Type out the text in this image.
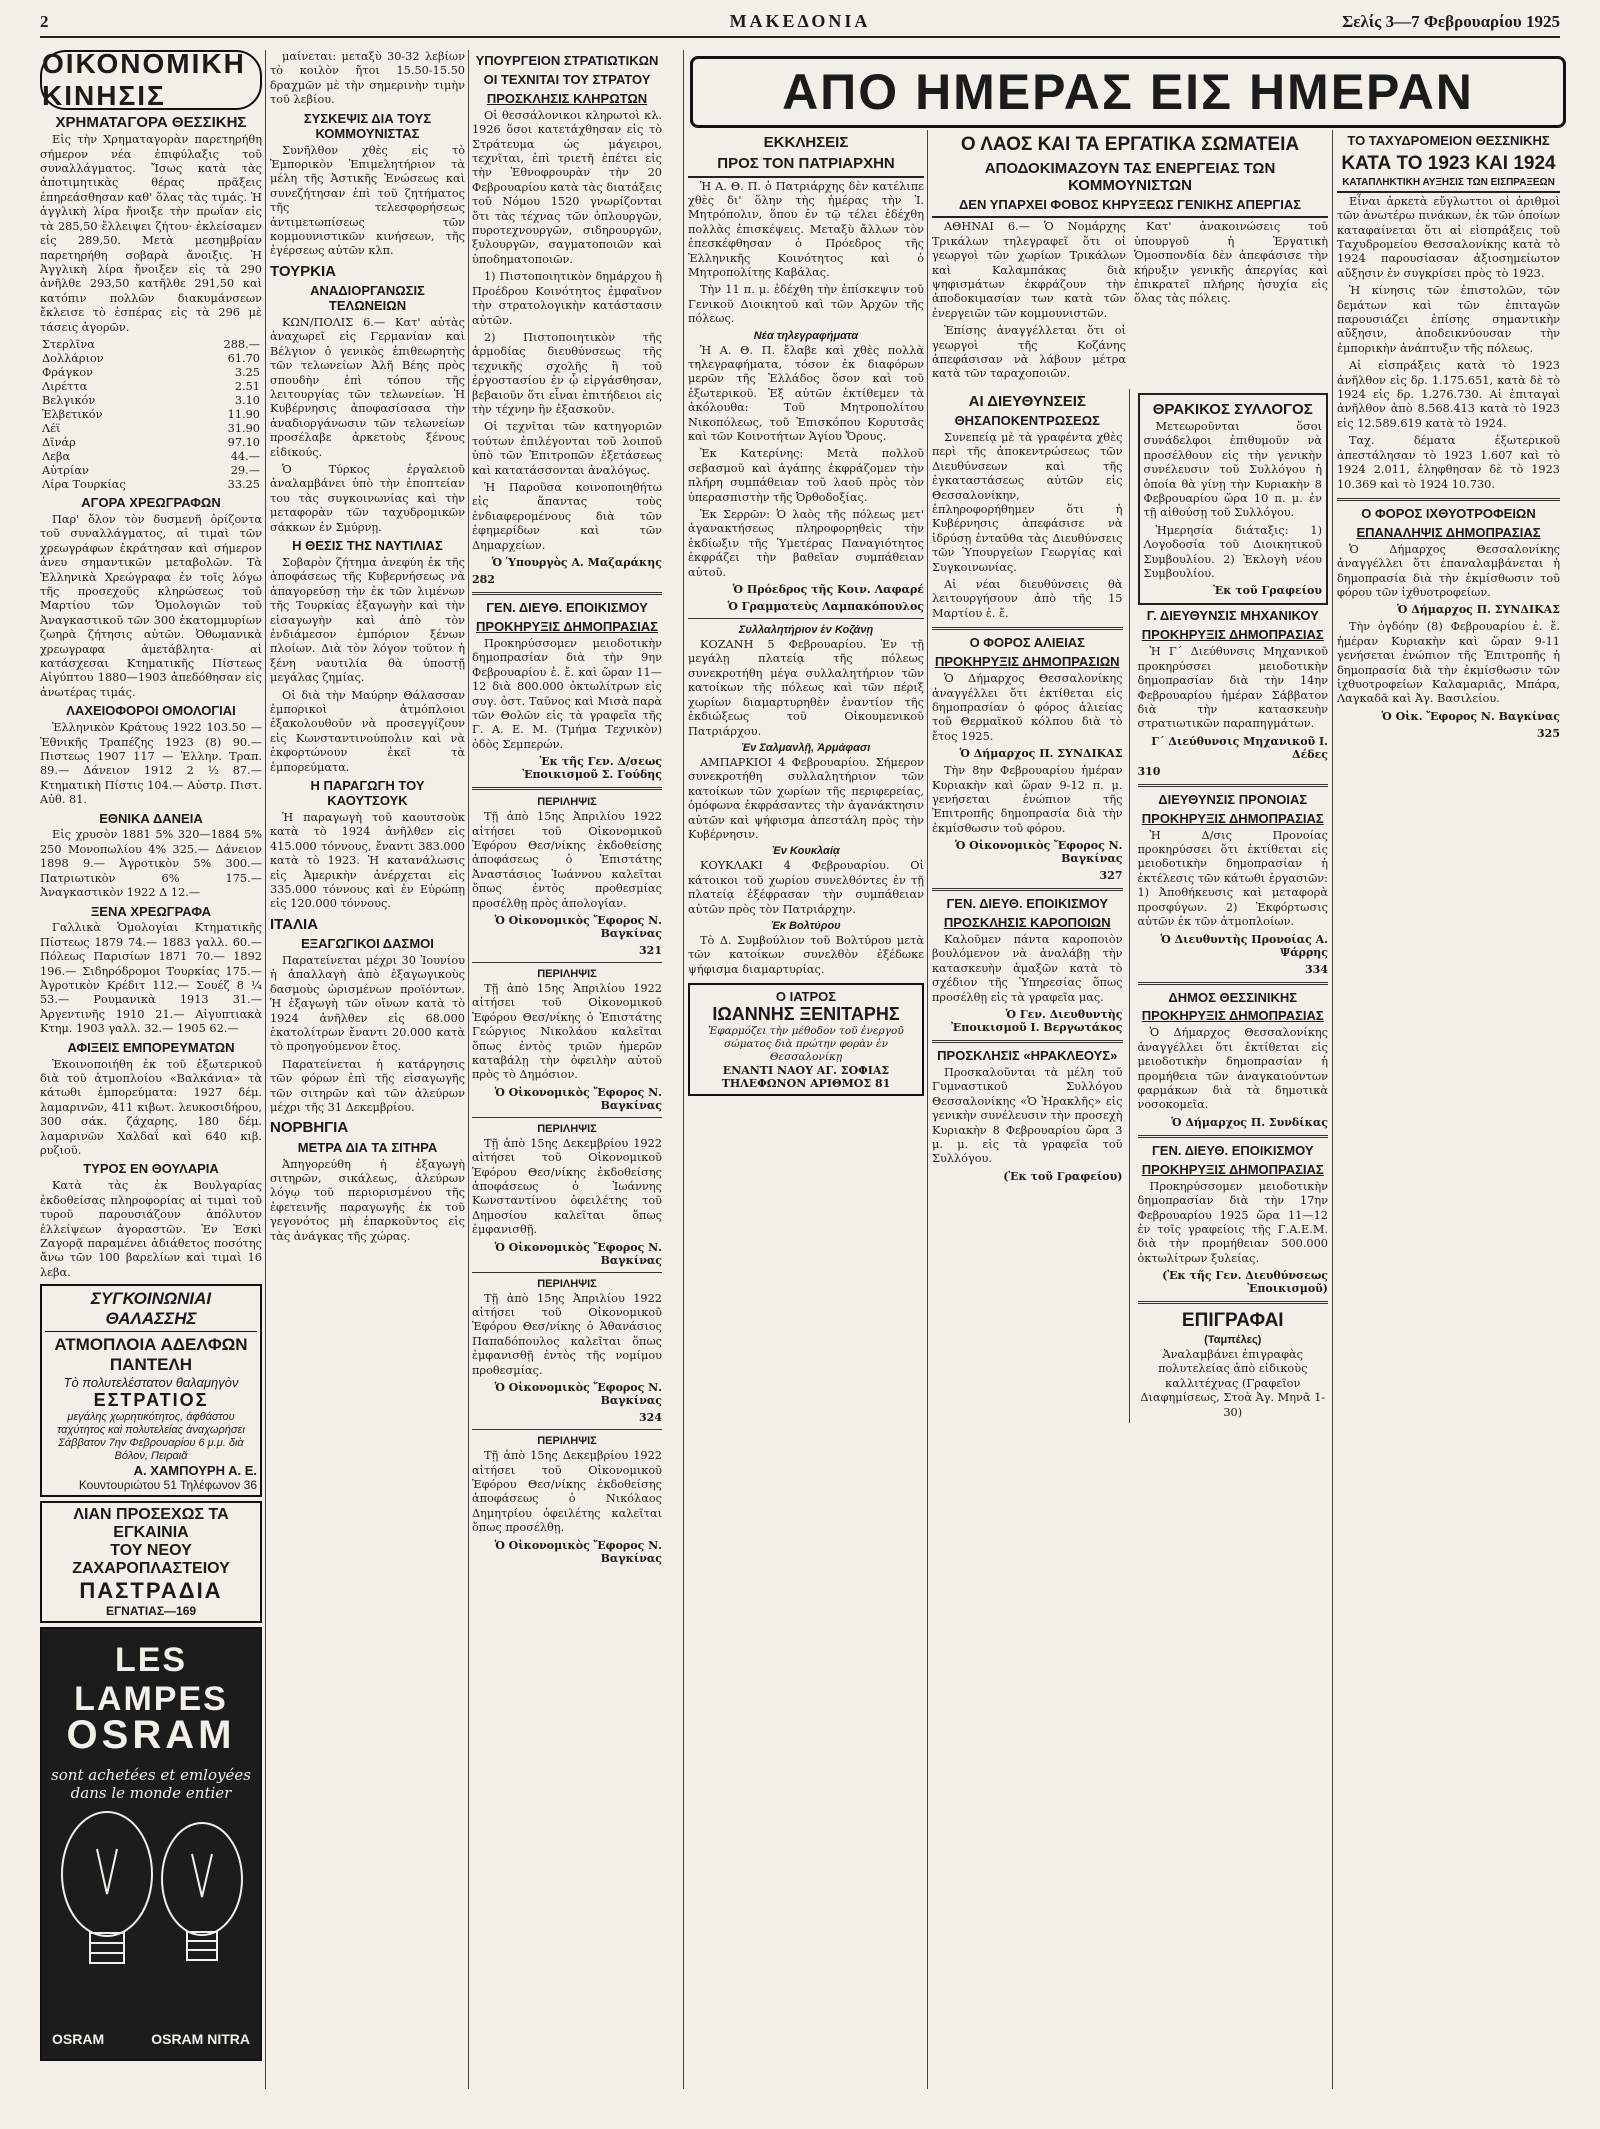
2	ΜΑΚΕΔΟΝΙΑ	Σελίς 3—7 Φεβρουαρίου 1925
ΑΠΟ ΗΜΕΡΑΣ ΕΙΣ ΗΜΕΡΑΝ
ΟΙΚΟΝΟΜΙΚΗ ΚΙΝΗΣΙΣ
ΧΡΗΜΑΤΑΓΟΡΑ ΘΕΣΣΙΚΗΣ

Εἰς τὴν Χρηματαγορὰν παρετηρήθη σήμερον νέα ἐπιφύλαξις τοῦ συναλλάγματος. Ἴσως κατὰ τὰς ἀποτιμητικὰς θέρας πρᾶξεις ἐπηρεάσθησαν καθ' ὅλας τὰς τιμάς. Ἡ ἀγγλικὴ λίρα ἤνοιξε τὴν πρωΐαν εἰς τὰ 285,50 ἔλλειψει ζήτου· ἐκλείσαμεν εἰς 289,50. Μετὰ μεσημβρίαν παρετηρήθη σοβαρὰ ἄνοιξις. Ἡ Ἀγγλικὴ λίρα ἤνοιξεν εἰς τὰ 290 ἀνῆλθε 293,50 κατῆλθε 291,50 καὶ κατόπιν πολλῶν διακυμάνσεων ἔκλεισε τὸ ἑσπέρας εἰς τὰ 296 μὲ τάσεις ἀγορῶν.

Στερλῖνα	288.—
Δολλάριον	61.70
Φράγκον	3.25
Λιρέττα	2.51
Βελγικόν	3.10
Ἑλβετικόν	11.90
Λέϊ	31.90
Δῖνάρ	97.10
Λεβα	44.—
Αὐτρίαν	29.—
Λίρα Τουρκίας	33.25
ΑΓΟΡΑ ΧΡΕΩΓΡΑΦΩΝ

Παρ' ὅλον τὸν δυσμενῆ ὀρίζοντα τοῦ συναλλάγματος, αἱ τιμαὶ τῶν χρεωγράφων ἐκράτησαν καὶ σήμερον ἀνευ σημαντικῶν μεταβολῶν. Τὰ Ἑλληνικὰ Χρεώγραφα ἐν τοῖς λόγω τῆς προσεχοῦς κληρώσεως τοῦ Μαρτίου τῶν Ὁμολογιῶν τοῦ Ἀναγκαστικοῦ τῶν 300 ἑκατομμυρίων ζωηρὰ ζήτησις αὐτῶν. Ὀθωμανικὰ χρεωγραφα ἀμετάβλητα· αἱ κατάσχεσαι Κτηματικῆς Πίστεως Αἰγύπτου 1880—1903 ἀπεδόθησαν εἰς ἀνωτέρας τιμάς.

ΛΑΧΕΙΟΦΟΡΟΙ ΟΜΟΛΟΓΙΑΙ

Ἑλληνικὸν Κράτους 1922 103.50 — Ἐθνικῆς Τραπέζης 1923 (8) 90.— Πιστεως 1907 117 — Ἑλλην. Τραπ. 89.— Δάνειον 1912 2 ½ 87.— Κτηματικὴ Πίστις 104.— Αὐστρ. Πιστ. Αὐθ. 81.

ΕΘΝΙΚΑ ΔΑΝΕΙΑ

Εἰς χρυσὸν 1881 5% 320—1884 5% 250 Μονοπωλίου 4% 325.— Δάνειον 1898 9.— Ἀγροτικὸν 5% 300.— Πατριωτικὸν 6% 175.— Ἀναγκαστικὸν 1922 Δ 12.—

ΞΕΝΑ ΧΡΕΩΓΡΑΦΑ

Γαλλικὰ Ὁμολογίαι Κτηματικῆς Πίστεως 1879 74.— 1883 γαλλ. 60.— Πόλεως Παρισίων 1871 70.— 1892 196.— Σιδηρόδρομοι Τουρκίας 175.— Ἀγροτικὸν Κρέδιτ 112.— Σουέζ 8 ¼ 53.— Ρουμανικὰ 1913 31.— Ἀργεντινῆς 1910 21.— Αἰγυπτιακὰ Κτημ. 1903 γαλλ. 32.— 1905 62.—

ΑΦΙΞΕΙΣ ΕΜΠΟΡΕΥΜΑΤΩΝ

Ἐκοινοποιήθη ἐκ τοῦ ἐξωτερικοῦ διὰ τοῦ ἀτμοπλοίου «Βαλκάνια» τὰ κάτωθι ἐμπορεύματα: 1927 δέμ. λαμαρινῶν, 411 κιβωτ. λευκοσιδήρου, 300 σάκ. ζάχαρης, 180 δέμ. λαμαρινῶν Χαλδαΐ καὶ 640 κιβ. ρυζιοῦ.

ΤΥΡΟΣ ΕΝ ΘΟΥΛΑΡΙΑ

Κατὰ τὰς ἐκ Βουλγαρίας ἐκδοθείσας πληροφορίας αἱ τιμαὶ τοῦ τυροῦ παρουσιάζουν ἀπόλυτον ἐλλείψεων ἀγοραστῶν. Ἐν Ἐσκὶ Ζαγορᾷ παραμένει ἀδιάθετος ποσότης ἄνω τῶν 100 βαρελίων καὶ τιμαὶ 16 λεβα.

ΣΥΓΚΟΙΝΩΝΙΑΙ ΘΑΛΑΣΣΗΣ
ΑΤΜΟΠΛΟΙΑ ΑΔΕΛΦΩΝ ΠΑΝΤΕΛΗ
Τὸ πολυτελέστατον θαλαμηγὸν
ΕΣΤΡΑΤΙΟΣ
μεγάλης χωρητικότητος, ἀφθάστου ταχύτητος καὶ πολυτελείας ἀναχωρήσει Σάββατον 7ην Φεβρουαρίου 6 μ.μ. διὰ Βόλον, Πειραιᾶ
Α. ΧΑΜΠΟΥΡΗ Α. Ε.
Κουντουριώτου 51 Τηλέφωνον 36
ΛΙΑΝ ΠΡΟΣΕΧΩΣ ΤΑ ΕΓΚΑΙΝΙΑ
ΤΟΥ ΝΕΟΥ ΖΑΧΑΡΟΠΛΑΣΤΕΙΟΥ
ΠΑΣΤΡΑΔΙΑ
ΕΓΝΑΤΙΑΣ—169
LES LAMPES
OSRAM
sont achetées et emloyées dans le monde entier
OSRAM	OSRAM NITRA

μαίνεται: μεταξὺ 30-32 λεβίων τὸ κοιλὸν ἤτοι 15.50-15.50 δραχμῶν μὲ τὴν σημερινὴν τιμὴν τοῦ λεβίου.

ΣΥΣΚΕΨΙΣ ΔΙΑ ΤΟΥΣ ΚΟΜΜΟΥΝΙΣΤΑΣ

Συνῆλθον χθὲς εἰς τὸ Ἐμπορικὸν Ἐπιμελητήριον τὰ μέλη τῆς Ἀστικῆς Ἑνώσεως καὶ συνεζήτησαν ἐπὶ τοῦ ζητήματος τῆς τελεσφορήσεως ἀντιμετωπίσεως τῶν κομμουνιστικῶν κινήσεων, τῆς ἐγέρσεως αὐτῶν κλπ.

ΤΟΥΡΚΙΑ
ΑΝΑΔΙΟΡΓΑΝΩΣΙΣ ΤΕΛΩΝΕΙΩΝ

ΚΩΝ/ΠΟΛΙΣ 6.— Κατ' αὐτὰς ἀναχωρεῖ εἰς Γερμανίαν καὶ Βέλγιον ὁ γενικὸς ἐπιθεωρητὴς τῶν τελωνείων Ἀλῆ Βέης πρὸς σπουδὴν ἐπὶ τόπου τῆς λειτουργίας τῶν τελωνείων. Ἡ Κυβέρνησις ἀποφασίσασα τὴν ἀναδιοργάνωσιν τῶν τελωνείων προσέλαβε ἀρκετοὺς ξένους εἰδικούς.

Ὁ Τύρκος ἐργαλειοῦ ἀναλαμβάνει ὑπὸ τὴν ἐποπτείαν του τὰς συγκοινωνίας καὶ τὴν μεταφορὰν τῶν ταχυδρομικῶν σάκκων ἐν Σμύρνῃ.

Η ΘΕΣΙΣ ΤΗΣ ΝΑΥΤΙΛΙΑΣ

Σοβαρὸν ζήτημα ἀνεφύη ἐκ τῆς ἀποφάσεως τῆς Κυβερνήσεως νὰ ἀπαγορεύσῃ τὴν ἐκ τῶν λιμένων τῆς Τουρκίας ἐξαγωγὴν καὶ τὴν εἰσαγωγὴν καὶ ἀπὸ τὸν ἐνδιάμεσον ἐμπόριον ξένων πλοίων. Διὰ τὸν λόγον τοῦτον ἡ ξένη ναυτιλία θὰ ὑποστῇ μεγάλας ζημίας.

Οἱ διὰ τὴν Μαύρην Θάλασσαν ἐμπορικοὶ ἀτμόπλοιοι ἐξακολουθοῦν νὰ προσεγγίζουν εἰς Κωνσταντινούπολιν καὶ νὰ ἐκφορτώνουν ἐκεῖ τὰ ἐμπορεύματα.

Η ΠΑΡΑΓΩΓΗ ΤΟΥ ΚΑΟΥΤΣΟΥΚ

Ἡ παραγωγὴ τοῦ καουτσοὺκ κατὰ τὸ 1924 ἀνῆλθεν εἰς 415.000 τόννους, ἔναντι 383.000 κατὰ τὸ 1923. Ἡ κατανάλωσις εἰς Ἀμερικὴν ἀνέρχεται εἰς 335.000 τόννους καὶ ἐν Εὐρώπῃ εἰς 120.000 τόννους.

ΙΤΑΛΙΑ
ΕΞΑΓΩΓΙΚΟΙ ΔΑΣΜΟΙ

Παρατείνεται μέχρι 30 Ἰουνίου ἡ ἀπαλλαγὴ ἀπὸ ἐξαγωγικοὺς δασμοὺς ὡρισμένων προϊόντων. Ἡ ἐξαγωγὴ τῶν οἴνων κατὰ τὸ 1924 ἀνῆλθεν εἰς 68.000 ἑκατολίτρων ἔναντι 20.000 κατὰ τὸ προηγούμενον ἔτος.

Παρατείνεται ἡ κατάργησις τῶν φόρων ἐπὶ τῆς εἰσαγωγῆς τῶν σιτηρῶν καὶ τῶν ἀλεύρων μέχρι τῆς 31 Δεκεμβρίου.

ΝΟΡΒΗΓΙΑ
ΜΕΤΡΑ ΔΙΑ ΤΑ ΣΙΤΗΡΑ

Ἀπηγορεύθη ἡ ἐξαγωγὴ σιτηρῶν, σικάλεως, ἀλεύρων λόγῳ τοῦ περιορισμένου τῆς ἐφετεινῆς παραγωγῆς ἐκ τοῦ γεγονότος μὴ ἐπαρκοῦντος εἰς τὰς ἀνάγκας τῆς χώρας.

ΥΠΟΥΡΓΕΙΟΝ ΣΤΡΑΤΙΩΤΙΚΩΝ
ΟΙ ΤΕΧΝΙΤΑΙ ΤΟΥ ΣΤΡΑΤΟΥ
ΠΡΟΣΚΛΗΣΙΣ ΚΛΗΡΩΤΩΝ

Οἱ θεσσάλονικοι κληρωτοὶ κλ. 1926 ὅσοι κατετάχθησαν εἰς τὸ Στράτευμα ὡς μάγειροι, τεχνῖται, ἐπὶ τριετῆ ἐπέτει εἰς τὴν Ἐθνοφρουρὰν τὴν 20 Φεβρουαρίου κατὰ τὰς διατάξεις τοῦ Νόμου 1520 γνωρίζονται ὅτι τὰς τέχνας τῶν ὁπλουργῶν, πυροτεχνουργῶν, σιδηρουργῶν, ξυλουργῶν, σαγματοποιῶν καὶ ὑποδηματοποιῶν.

1) Πιστοποιητικὸν δημάρχου ἢ Προέδρου Κοινότητος ἐμφαῖνον τὴν στρατολογικὴν κατάστασιν αὐτῶν.

2) Πιστοποιητικὸν τῆς ἁρμοδίας διευθύνσεως τῆς τεχνικῆς σχολῆς ἢ τοῦ ἐργοστασίου ἐν ᾧ εἰργάσθησαν, βεβαιοῦν ὅτι εἶναι ἐπιτήδειοι εἰς τὴν τέχνην ἣν ἐξασκοῦν.

Οἱ τεχνῖται τῶν κατηγοριῶν τούτων ἐπιλέγονται τοῦ λοιποῦ ὑπὸ τῶν Ἐπιτροπῶν ἐξετάσεως καὶ κατατάσσονται ἀναλόγως.

Ἡ Παροῦσα κοινοποιηθήτω εἰς ἅπαντας τοὺς ἐνδιαφερομένους διὰ τῶν ἐφημερίδων καὶ τῶν Δημαρχείων.

Ὁ Ὑπουργὸς Α. Μαζαράκης
282
ΓΕΝ. ΔΙΕΥΘ. ΕΠΟΙΚΙΣΜΟΥ
ΠΡΟΚΗΡΥΞΙΣ ΔΗΜΟΠΡΑΣΙΑΣ

Προκηρύσσομεν μειοδοτικὴν δημοπρασίαν διὰ τὴν 9ην Φεβρουαρίου ἐ. ἔ. καὶ ὥραν 11—12 διὰ 800.000 ὀκτωλίτρων εἰς συγ. ὀστ. Ταῦνος καὶ Μισὰ παρὰ τῶν Θολῶν εἰς τὰ γραφεῖα τῆς Γ. Α. Ε. Μ. (Τμήμα Τεχνικὸν) ὁδὸς Σεμπερών.

Ἐκ τῆς Γεν. Δ/σεως Ἐποικισμοῦ Σ. Γούδης
ΠΕΡΙΛΗΨΙΣ

Τῇ ἀπὸ 15ης Ἀπριλίου 1922 αἰτήσει τοῦ Οἰκονομικοῦ Ἐφόρου Θεσ/νίκης ἐκδοθείσης ἀποφάσεως ὁ Ἐπιστάτης Ἀναστάσιος Ἰωάννου καλεῖται ὅπως ἐντὸς προθεσμίας προσέλθῃ πρὸς ἀπολογίαν.

Ὁ Οἰκονομικὸς Ἔφορος Ν. Βαγκίνας
321
ΠΕΡΙΛΗΨΙΣ

Τῇ ἀπὸ 15ης Ἀπριλίου 1922 αἰτήσει τοῦ Οἰκονομικοῦ Ἐφόρου Θεσ/νίκης ὁ Ἐπιστάτης Γεώργιος Νικολάου καλεῖται ὅπως ἐντὸς τριῶν ἡμερῶν καταβάλῃ τὴν ὀφειλὴν αὐτοῦ πρὸς τὸ Δημόσιον.

Ὁ Οἰκονομικὸς Ἔφορος Ν. Βαγκίνας
ΠΕΡΙΛΗΨΙΣ

Τῇ ἀπὸ 15ης Δεκεμβρίου 1922 αἰτήσει τοῦ Οἰκονομικοῦ Ἐφόρου Θεσ/νίκης ἐκδοθείσης ἀποφάσεως ὁ Ἰωάννης Κωνσταντίνου ὀφειλέτης τοῦ Δημοσίου καλεῖται ὅπως ἐμφανισθῇ.

Ὁ Οἰκονομικὸς Ἔφορος Ν. Βαγκίνας
ΠΕΡΙΛΗΨΙΣ

Τῇ ἀπὸ 15ης Ἀπριλίου 1922 αἰτήσει τοῦ Οἰκονομικοῦ Ἐφόρου Θεσ/νίκης ὁ Ἀθανάσιος Παπαδόπουλος καλεῖται ὅπως ἐμφανισθῇ ἐντὸς τῆς νομίμου προθεσμίας.

Ὁ Οἰκονομικὸς Ἔφορος Ν. Βαγκίνας
324
ΠΕΡΙΛΗΨΙΣ

Τῇ ἀπὸ 15ης Δεκεμβρίου 1922 αἰτήσει τοῦ Οἰκονομικοῦ Ἐφόρου Θεσ/νίκης ἐκδοθείσης ἀποφάσεως ὁ Νικόλαος Δημητρίου ὀφειλέτης καλεῖται ὅπως προσέλθῃ.

Ὁ Οἰκονομικὸς Ἔφορος Ν. Βαγκίνας
ΕΚΚΛΗΣΕΙΣ
ΠΡΟΣ ΤΟΝ ΠΑΤΡΙΑΡΧΗΝ

Ἡ Α. Θ. Π. ὁ Πατριάρχης δὲν κατέλιπε χθὲς δι' ὅλην τὴς ἡμέρας τὴν Ἱ. Μητρόπολιν, ὅπου ἐν τῷ τέλει ἐδέχθη πολλὰς ἐπισκέψεις. Μεταξὺ ἄλλων τὸν ἐπεσκέφθησαν ὁ Πρόεδρος τῆς Ἐλληνικῆς Κοινότητος καὶ ὁ Μητροπολίτης Καβάλας.

Τὴν 11 π. μ. ἐδέχθη τὴν ἐπίσκεψιν τοῦ Γενικοῦ Διοικητοῦ καὶ τῶν Ἀρχῶν τῆς πόλεως.

Νέα τηλεγραφήματα

Ἡ Α. Θ. Π. ἔλαβε καὶ χθὲς πολλὰ τηλεγραφήματα, τόσον ἐκ διαφόρων μερῶν τῆς Ἑλλάδος ὅσον καὶ τοῦ ἐξωτερικοῦ. Ἐξ αὐτῶν ἐκτίθεμεν τὰ ἀκόλουθα: Τοῦ Μητροπολίτου Νικοπόλεως, τοῦ Ἐπισκόπου Κορυτσᾶς καὶ τῶν Κοινοτήτων Ἁγίου Ὄρους.

Ἐκ Κατερίνης: Μετὰ πολλοῦ σεβασμοῦ καὶ ἀγάπης ἐκφράζομεν τὴν πλήρη συμπάθειαν τοῦ λαοῦ πρὸς τὸν ὑπερασπιστὴν τῆς Ὀρθοδοξίας.

Ἐκ Σερρῶν: Ὁ λαὸς τῆς πόλεως μετ' ἀγανακτήσεως πληροφορηθεὶς τὴν ἐκδίωξιν τῆς Ὑμετέρας Παναγιότητος ἐκφράζει τὴν βαθεῖαν συμπάθειαν αὐτοῦ.

Ὁ Πρόεδρος τῆς Κοιν. Λαφαρέ
Ὁ Γραμματεὺς Λαμπακόπουλος
Συλλαλητήριον ἐν Κοζάνῃ

ΚΟΖΑΝΗ 5 Φεβρουαρίου. Ἐν τῇ μεγάλῃ πλατείᾳ τῆς πόλεως συνεκροτήθη μέγα συλλαλητήριον τῶν κατοίκων τῆς πόλεως καὶ τῶν πέριξ χωρίων διαμαρτυρηθὲν ἐναντίον τῆς ἐκδιώξεως τοῦ Οἰκουμενικοῦ Πατριάρχου.

Ἐν Σαλμανλῇ, Ἀρμάφασι

ΑΜΠΑΡΚΙΟΙ 4 Φεβρουαρίου. Σήμερον συνεκροτήθη συλλαλητήριον τῶν κατοίκων τῶν χωρίων τῆς περιφερείας, ὁμόφωνα ἐκφράσαντες τὴν ἀγανάκτησιν αὐτῶν καὶ ψήφισμα ἀπεστάλη πρὸς τὴν Κυβέρνησιν.

Ἐν Κουκλαίᾳ

ΚΟΥΚΛΑΚΙ 4 Φεβρουαρίου. Οἱ κάτοικοι τοῦ χωρίου συνελθόντες ἐν τῇ πλατείᾳ ἐξέφρασαν τὴν συμπάθειαν αὐτῶν πρὸς τὸν Πατριάρχην.

Ἐκ Βολτύρου

Τὸ Δ. Συμβούλιον τοῦ Βολτύρου μετὰ τῶν κατοίκων συνελθὸν ἐξέδωκε ψήφισμα διαμαρτυρίας.

Ο ΙΑΤΡΟΣ
ΙΩΑΝΝΗΣ ΞΕΝΙΤΑΡΗΣ
Ἐφαρμόζει τὴν μέθοδον τοῦ ἐνεργοῦ σώματος διὰ πρώτην φορὰν ἐν Θεσσαλονίκῃ
ΕΝΑΝΤΙ ΝΑΟΥ ΑΓ. ΣΟΦΙΑΣ
ΤΗΛΕΦΩΝΟΝ ΑΡΙΘΜΟΣ 81
Ο ΛΑΟΣ ΚΑΙ ΤΑ ΕΡΓΑΤΙΚΑ ΣΩΜΑΤΕΙΑ
ΑΠΟΔΟΚΙΜΑΖΟΥΝ ΤΑΣ ΕΝΕΡΓΕΙΑΣ ΤΩΝ ΚΟΜΜΟΥΝΙΣΤΩΝ
ΔΕΝ ΥΠΑΡΧΕΙ ΦΟΒΟΣ ΚΗΡΥΞΕΩΣ ΓΕΝΙΚΗΣ ΑΠΕΡΓΙΑΣ

ΑΘΗΝΑΙ 6.— Ὁ Νομάρχης Τρικάλων τηλεγραφεῖ ὅτι οἱ γεωργοὶ τῶν χωρίων Τρικάλων καὶ Καλαμπάκας διὰ ψηφισμάτων ἐκφράζουν τὴν ἀποδοκιμασίαν των κατὰ τῶν ἐνεργειῶν τῶν κομμουνιστῶν.

Ἐπίσης ἀναγγέλλεται ὅτι οἱ γεωργοὶ τῆς Κοζάνης ἀπεφάσισαν νὰ λάβουν μέτρα κατὰ τῶν ταραχοποιῶν.

Κατ' ἀνακοινώσεις τοῦ ὑπουργοῦ ἡ Ἐργατικὴ Ὁμοσπονδία δὲν ἀπεφάσισε τὴν κήρυξιν γενικῆς ἀπεργίας καὶ ἐπικρατεῖ πλήρης ἡσυχία εἰς ὅλας τὰς πόλεις.

ΑΙ ΔΙΕΥΘΥΝΣΕΙΣ
ΘΗΣΑΠΟΚΕΝΤΡΩΣΕΩΣ

Συνεπείᾳ μὲ τὰ γραφέντα χθὲς περὶ τῆς ἀποκεντρώσεως τῶν Διευθύνσεων καὶ τῆς ἐγκαταστάσεως αὐτῶν εἰς Θεσσαλονίκην, ἐπληροφορήθημεν ὅτι ἡ Κυβέρνησις ἀπεφάσισε νὰ ἱδρύσῃ ἐνταῦθα τὰς Διευθύνσεις τῶν Ὑπουργείων Γεωργίας καὶ Συγκοινωνίας.

Αἱ νέαι διευθύνσεις θὰ λειτουργήσουν ἀπὸ τῆς 15 Μαρτίου ἐ. ἔ.

Ο ΦΟΡΟΣ ΑΛΙΕΙΑΣ
ΠΡΟΚΗΡΥΞΙΣ ΔΗΜΟΠΡΑΣΙΩΝ

Ὁ Δήμαρχος Θεσσαλονίκης ἀναγγέλλει ὅτι ἐκτίθεται εἰς δημοπρασίαν ὁ φόρος ἀλιείας τοῦ Θερμαϊκοῦ κόλπου διὰ τὸ ἔτος 1925.

Ὁ Δήμαρχος Π. ΣΥΝΔΙΚΑΣ

Τὴν 8ην Φεβρουαρίου ἡμέραν Κυριακὴν καὶ ὥραν 9-12 π. μ. γενήσεται ἐνώπιον τῆς Ἐπιτροπῆς δημοπρασία διὰ τὴν ἐκμίσθωσιν τοῦ φόρου.

Ὁ Οἰκονομικὸς Ἔφορος Ν. Βαγκίνας
327
ΓΕΝ. ΔΙΕΥΘ. ΕΠΟΙΚΙΣΜΟΥ
ΠΡΟΣΚΛΗΣΙΣ ΚΑΡΟΠΟΙΩΝ

Καλοῦμεν πάντα καροποιὸν βουλόμενον νὰ ἀναλάβῃ τὴν κατασκευὴν ἁμαξῶν κατὰ τὸ σχέδιον τῆς Ὑπηρεσίας ὅπως προσέλθῃ εἰς τὰ γραφεῖα μας.

Ὁ Γεν. Διευθυντὴς Ἐποικισμοῦ Ι. Βεργωτάκος
ΠΡΟΣΚΛΗΣΙΣ «ΗΡΑΚΛΕΟΥΣ»

Προσκαλοῦνται τὰ μέλη τοῦ Γυμναστικοῦ Συλλόγου Θεσσαλονίκης «Ὁ Ἡρακλῆς» εἰς γενικὴν συνέλευσιν τὴν προσεχὴ Κυριακὴν 8 Φεβρουαρίου ὥρα 3 μ. μ. εἰς τὰ γραφεῖα τοῦ Συλλόγου.

(Ἐκ τοῦ Γραφείου)
ΘΡΑΚΙΚΟΣ ΣΥΛΛΟΓΟΣ

Μετεωροῦνται ὅσοι συνάδελφοι ἐπιθυμοῦν νὰ προσέλθουν εἰς τὴν γενικὴν συνέλευσιν τοῦ Συλλόγου ἡ ὁποία θὰ γίνῃ τὴν Κυριακὴν 8 Φεβρουαρίου ὥρα 10 π. μ. ἐν τῇ αἰθούσῃ τοῦ Συλλόγου.

Ἡμερησία διάταξις: 1) Λογοδοσία τοῦ Διοικητικοῦ Συμβουλίου. 2) Ἐκλογὴ νέου Συμβουλίου.

Ἐκ τοῦ Γραφείου
Γ. ΔΙΕΥΘΥΝΣΙΣ ΜΗΧΑΝΙΚΟΥ
ΠΡΟΚΗΡΥΞΙΣ ΔΗΜΟΠΡΑΣΙΑΣ

Ἡ Γ΄ Διεύθυνσις Μηχανικοῦ προκηρύσσει μειοδοτικὴν δημοπρασίαν διὰ τὴν 14ην Φεβρουαρίου ἡμέραν Σάββατον διὰ τὴν κατασκευὴν στρατιωτικῶν παραπηγμάτων.

Γ΄ Διεύθυνσις Μηχανικοῦ Ι. Δέδες
310
ΔΙΕΥΘΥΝΣΙΣ ΠΡΟΝΟΙΑΣ
ΠΡΟΚΗΡΥΞΙΣ ΔΗΜΟΠΡΑΣΙΑΣ

Ἡ Δ/σις Προνοίας προκηρύσσει ὅτι ἐκτίθεται εἰς μειοδοτικὴν δημοπρασίαν ἡ ἐκτέλεσις τῶν κάτωθι ἐργασιῶν: 1) Ἀποθήκευσις καὶ μεταφορὰ προσφύγων. 2) Ἐκφόρτωσις αὐτῶν ἐκ τῶν ἀτμοπλοίων.

Ὁ Διευθυντὴς Προνοίας Α. Ψάρρης
334
ΔΗΜΟΣ ΘΕΣΣΙΝΙΚΗΣ
ΠΡΟΚΗΡΥΞΙΣ ΔΗΜΟΠΡΑΣΙΑΣ

Ὁ Δήμαρχος Θεσσαλονίκης ἀναγγέλλει ὅτι ἐκτίθεται εἰς μειοδοτικὴν δημοπρασίαν ἡ προμήθεια τῶν ἀναγκαιούντων φαρμάκων διὰ τὰ δημοτικὰ νοσοκομεῖα.

Ὁ Δήμαρχος Π. Συνδίκας
ΓΕΝ. ΔΙΕΥΘ. ΕΠΟΙΚΙΣΜΟΥ
ΠΡΟΚΗΡΥΞΙΣ ΔΗΜΟΠΡΑΣΙΑΣ

Προκηρύσσομεν μειοδοτικὴν δημοπρασίαν διὰ τὴν 17ην Φεβρουαρίου 1925 ὥρα 11—12 ἐν τοῖς γραφείοις τῆς Γ.Α.Ε.Μ. διὰ τὴν προμήθειαν 500.000 ὀκτωλίτρων ξυλείας.

(Ἐκ τῆς Γεν. Διευθύνσεως Ἐποικισμοῦ)
ΕΠΙΓΡΑΦΑΙ
(Ταμπέλες)

Ἀναλαμβάνει ἐπιγραφὰς πολυτελείας ἀπὸ εἰδικοὺς καλλιτέχνας (Γραφεῖον Διαφημίσεως, Στοὰ Ἀγ. Μηνᾶ 1-30)

ΤΟ ΤΑΧΥΔΡΟΜΕΙΟΝ ΘΕΣΣΝΙΚΗΣ
ΚΑΤΑ ΤΟ 1923 ΚΑΙ 1924
ΚΑΤΑΠΛΗΚΤΙΚΗ ΑΥΞΗΣΙΣ ΤΩΝ ΕΙΣΠΡΑΞΕΩΝ

Εἶναι ἀρκετὰ εὔγλωττοι οἱ ἀριθμοὶ τῶν ἀνωτέρω πινάκων, ἐκ τῶν ὁποίων καταφαίνεται ὅτι αἱ εἰσπράξεις τοῦ Ταχυδρομείου Θεσσαλονίκης κατὰ τὸ 1924 παρουσίασαν ἀξιοσημείωτον αὔξησιν ἐν συγκρίσει πρὸς τὸ 1923.

Ἡ κίνησις τῶν ἐπιστολῶν, τῶν δεμάτων καὶ τῶν ἐπιταγῶν παρουσιάζει ἐπίσης σημαντικὴν αὔξησιν, ἀποδεικνύουσαν τὴν ἐμπορικὴν ἀνάπτυξιν τῆς πόλεως.

Αἱ εἰσπράξεις κατὰ τὸ 1923 ἀνῆλθον εἰς δρ. 1.175.651, κατὰ δὲ τὸ 1924 εἰς δρ. 1.276.730. Αἱ ἐπιταγαὶ ἀνῆλθον ἀπὸ 8.568.413 κατὰ τὸ 1923 εἰς 12.589.619 κατὰ τὸ 1924.

Ταχ. δέματα ἐξωτερικοῦ ἀπεστάλησαν τὸ 1923 1.607 καὶ τὸ 1924 2.011, ἐληφθησαν δὲ τὸ 1923 10.369 καὶ τὸ 1924 10.730.

Ο ΦΟΡΟΣ ΙΧΘΥΟΤΡΟΦΕΙΩΝ
ΕΠΑΝΑΛΗΨΙΣ ΔΗΜΟΠΡΑΣΙΑΣ

Ὁ Δήμαρχος Θεσσαλονίκης ἀναγγέλλει ὅτι ἐπαναλαμβάνεται ἡ δημοπρασία διὰ τὴν ἐκμίσθωσιν τοῦ φόρου τῶν ἰχθυοτροφείων.

Ὁ Δήμαρχος Π. ΣΥΝΔΙΚΑΣ

Τὴν ὀγδόην (8) Φεβρουαρίου ἐ. ἔ. ἡμέραν Κυριακὴν καὶ ὥραν 9-11 γενήσεται ἐνώπιον τῆς Ἐπιτροπῆς ἡ δημοπρασία διὰ τὴν ἐκμίσθωσιν τῶν ἰχθυοτροφείων Καλαμαριᾶς, Μπάρα, Λαγκαδᾶ καὶ Ἀγ. Βασιλείου.

Ὁ Οἰκ. Ἔφορος Ν. Βαγκίνας
325
